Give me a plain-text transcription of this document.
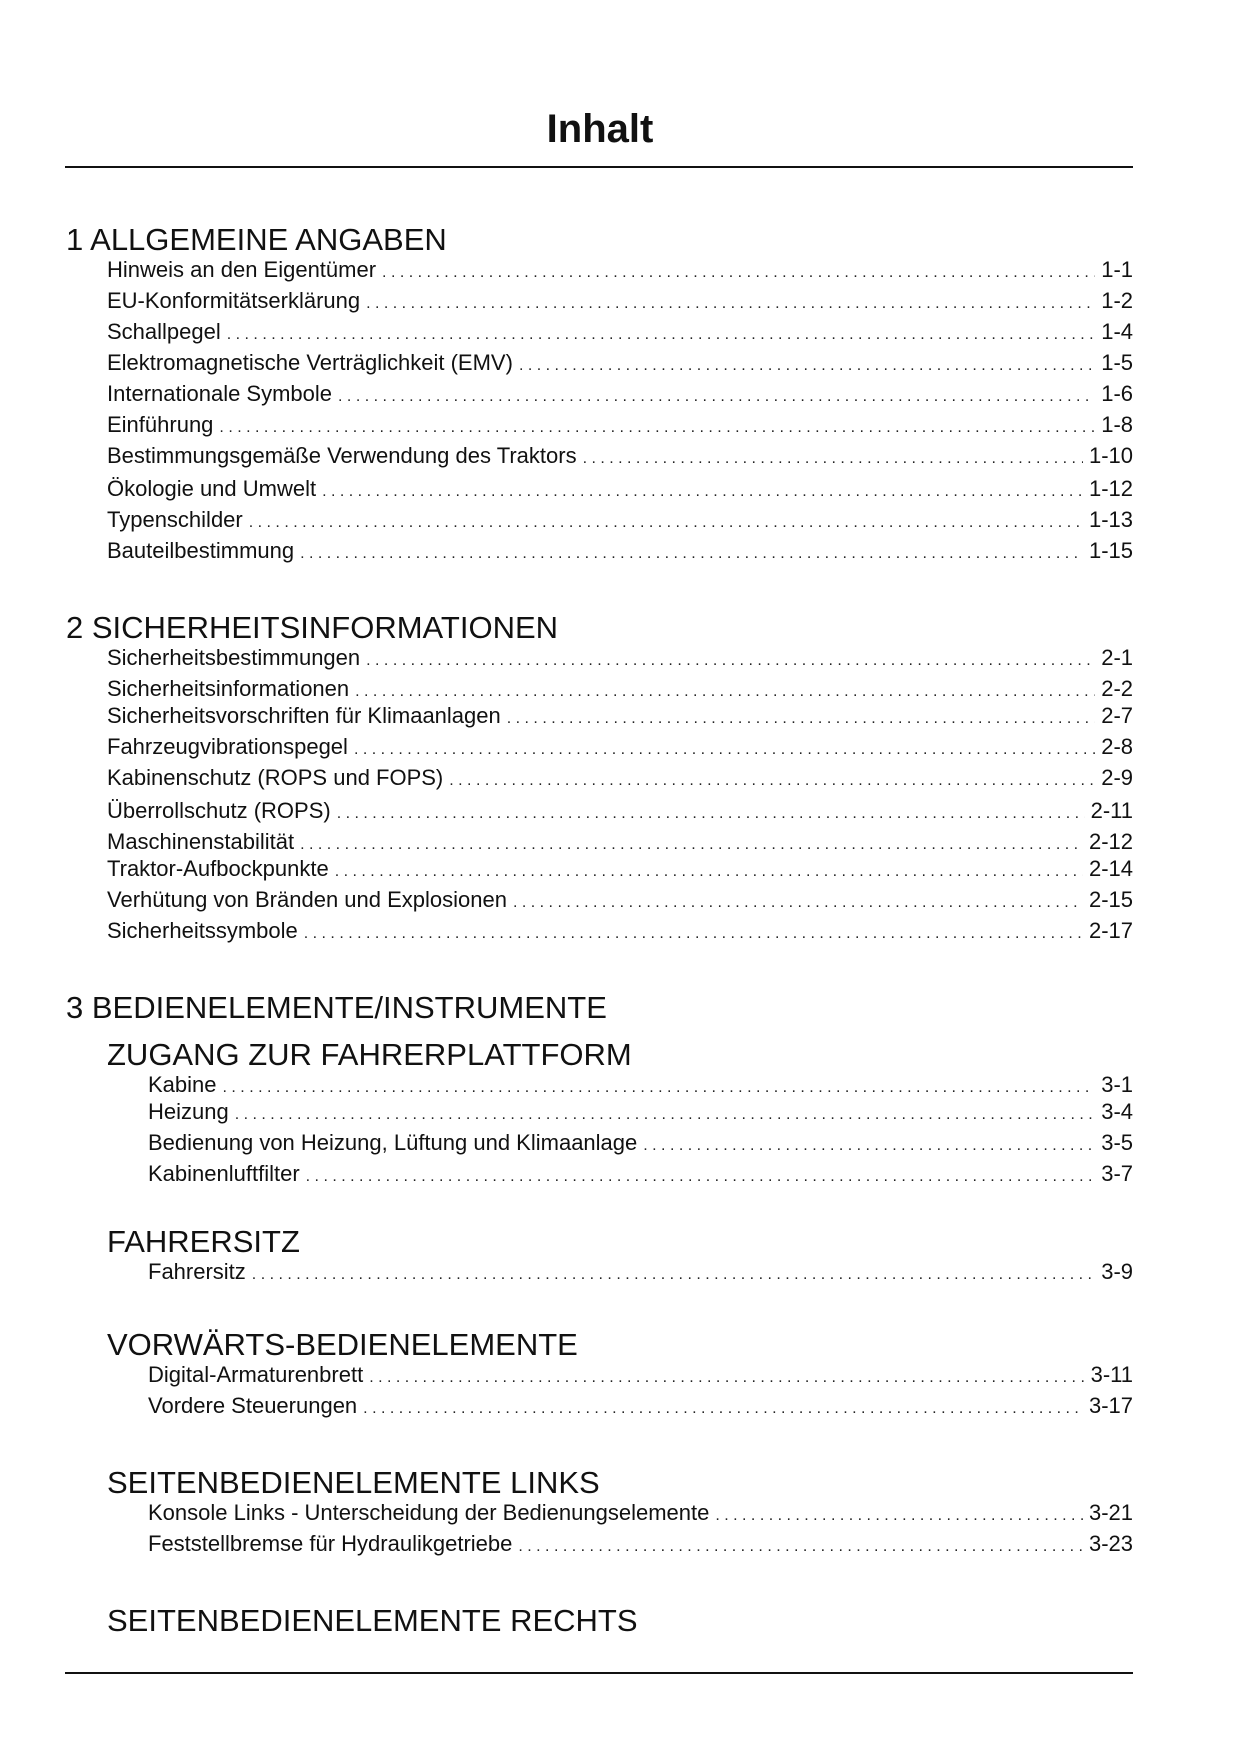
Inhalt
1 ALLGEMEINE ANGABEN
Hinweis an den Eigentümer . . .	1-1
EU-Konformitätserklärung . . .	1-2
Schallpegel . . .	1-4
Elektromagnetische Verträglichkeit (EMV) . . .	1-5
Internationale Symbole . . .	1-6
Einführung . . .	1-8
Bestimmungsgemäße Verwendung des Traktors . . .	1-10
Ökologie und Umwelt . . .	1-12
Typenschilder . . .	1-13
Bauteilbestimmung . . .	1-15
2 SICHERHEITSINFORMATIONEN
Sicherheitsbestimmungen . . .	2-1
Sicherheitsinformationen . . .	2-2
Sicherheitsvorschriften für Klimaanlagen . . .	2-7
Fahrzeugvibrationspegel . . .	2-8
Kabinenschutz (ROPS und FOPS) . . .	2-9
Überrollschutz (ROPS) . . .	2-11
Maschinenstabilität . . .	2-12
Traktor-Aufbockpunkte . . .	2-14
Verhütung von Bränden und Explosionen . . .	2-15
Sicherheitssymbole . . .	2-17
3 BEDIENELEMENTE/INSTRUMENTE
ZUGANG ZUR FAHRERPLATTFORM
Kabine . . .	3-1
Heizung . . .	3-4
Bedienung von Heizung, Lüftung und Klimaanlage . . .	3-5
Kabinenluftfilter . . .	3-7
FAHRERSITZ
Fahrersitz . . .	3-9
VORWÄRTS-BEDIENELEMENTE
Digital-Armaturenbrett . . .	3-11
Vordere Steuerungen . . .	3-17
SEITENBEDIENELEMENTE LINKS
Konsole Links - Unterscheidung der Bedienungselemente . . .	3-21
Feststellbremse für Hydraulikgetriebe . . .	3-23
SEITENBEDIENELEMENTE RECHTS
